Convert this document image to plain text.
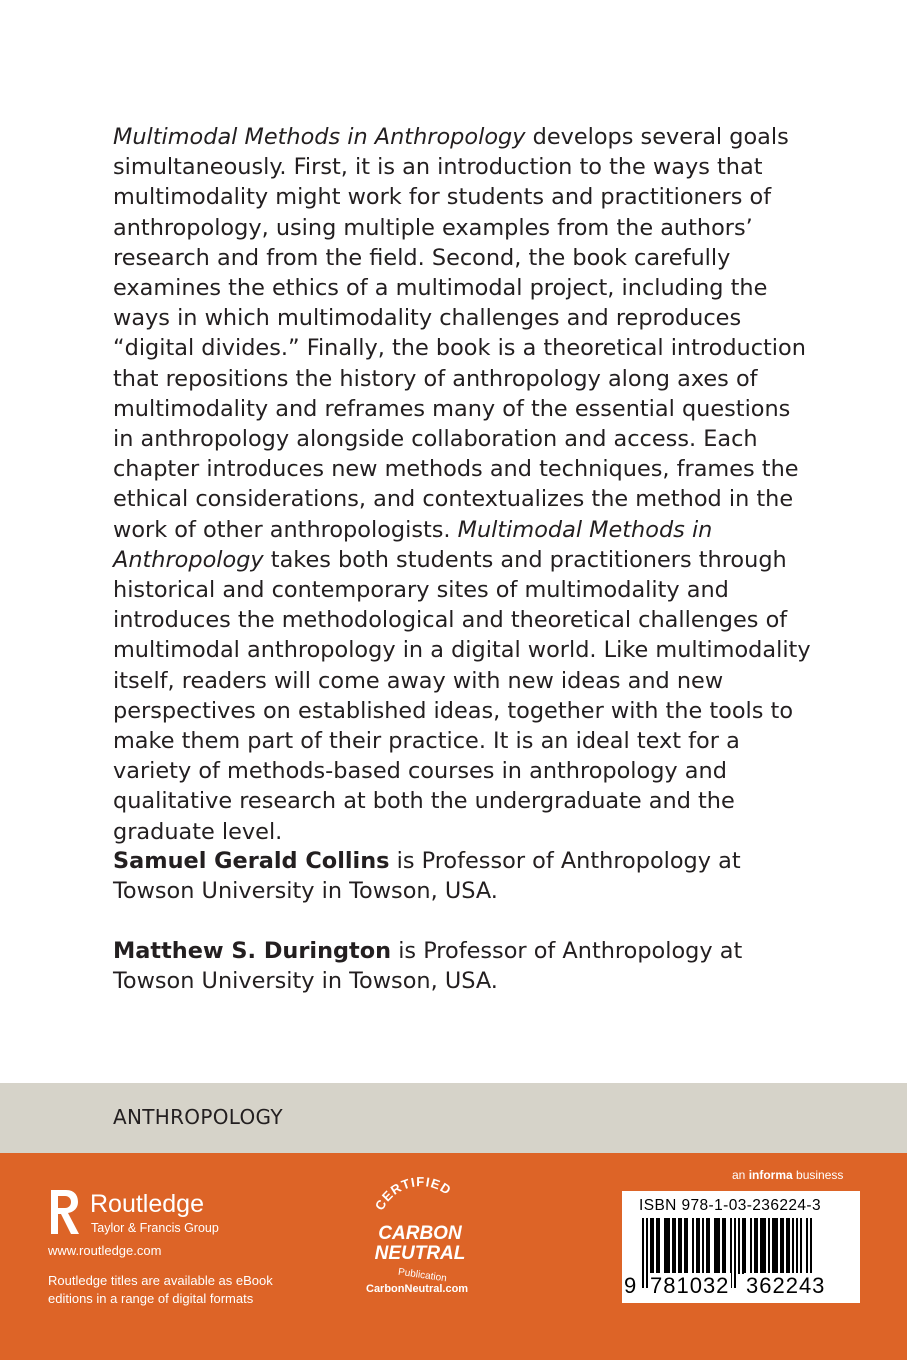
Multimodal Methods in Anthropology develops several goals simultaneously. First, it is an introduction to the ways that multimodality might work for students and practitioners of anthropology, using multiple examples from the authors’ research and from the field. Second, the book carefully examines the ethics of a multimodal project, including the ways in which multimodality challenges and reproduces “digital divides.” Finally, the book is a theoretical introduction that repositions the history of anthropology along axes of multimodality and reframes many of the essential questions in anthropology alongside collaboration and access. Each chapter introduces new methods and techniques, frames the ethical considerations, and contextualizes the method in the work of other anthropologists. Multimodal Methods in Anthropology takes both students and practitioners through historical and contemporary sites of multimodality and introduces the methodological and theoretical challenges of multimodal anthropology in a digital world. Like multimodality itself, readers will come away with new ideas and new perspectives on established ideas, together with the tools to make them part of their practice. It is an ideal text for a variety of methods-based courses in anthropology and qualitative research at both the undergraduate and the graduate level.

Samuel Gerald Collins is Professor of Anthropology at Towson University in Towson, USA.

Matthew S. Durington is Professor of Anthropology at Towson University in Towson, USA.

ANTHROPOLOGY
Routledge
Taylor & Francis Group
www.routledge.com
Routledge titles are available as eBook editions in a range of digital formats
CERTIFIED
CARBON
NEUTRAL
Publication
CarbonNeutral.com
an informa business
ISBN 978-1-03-236224-3
9 781032 362243
